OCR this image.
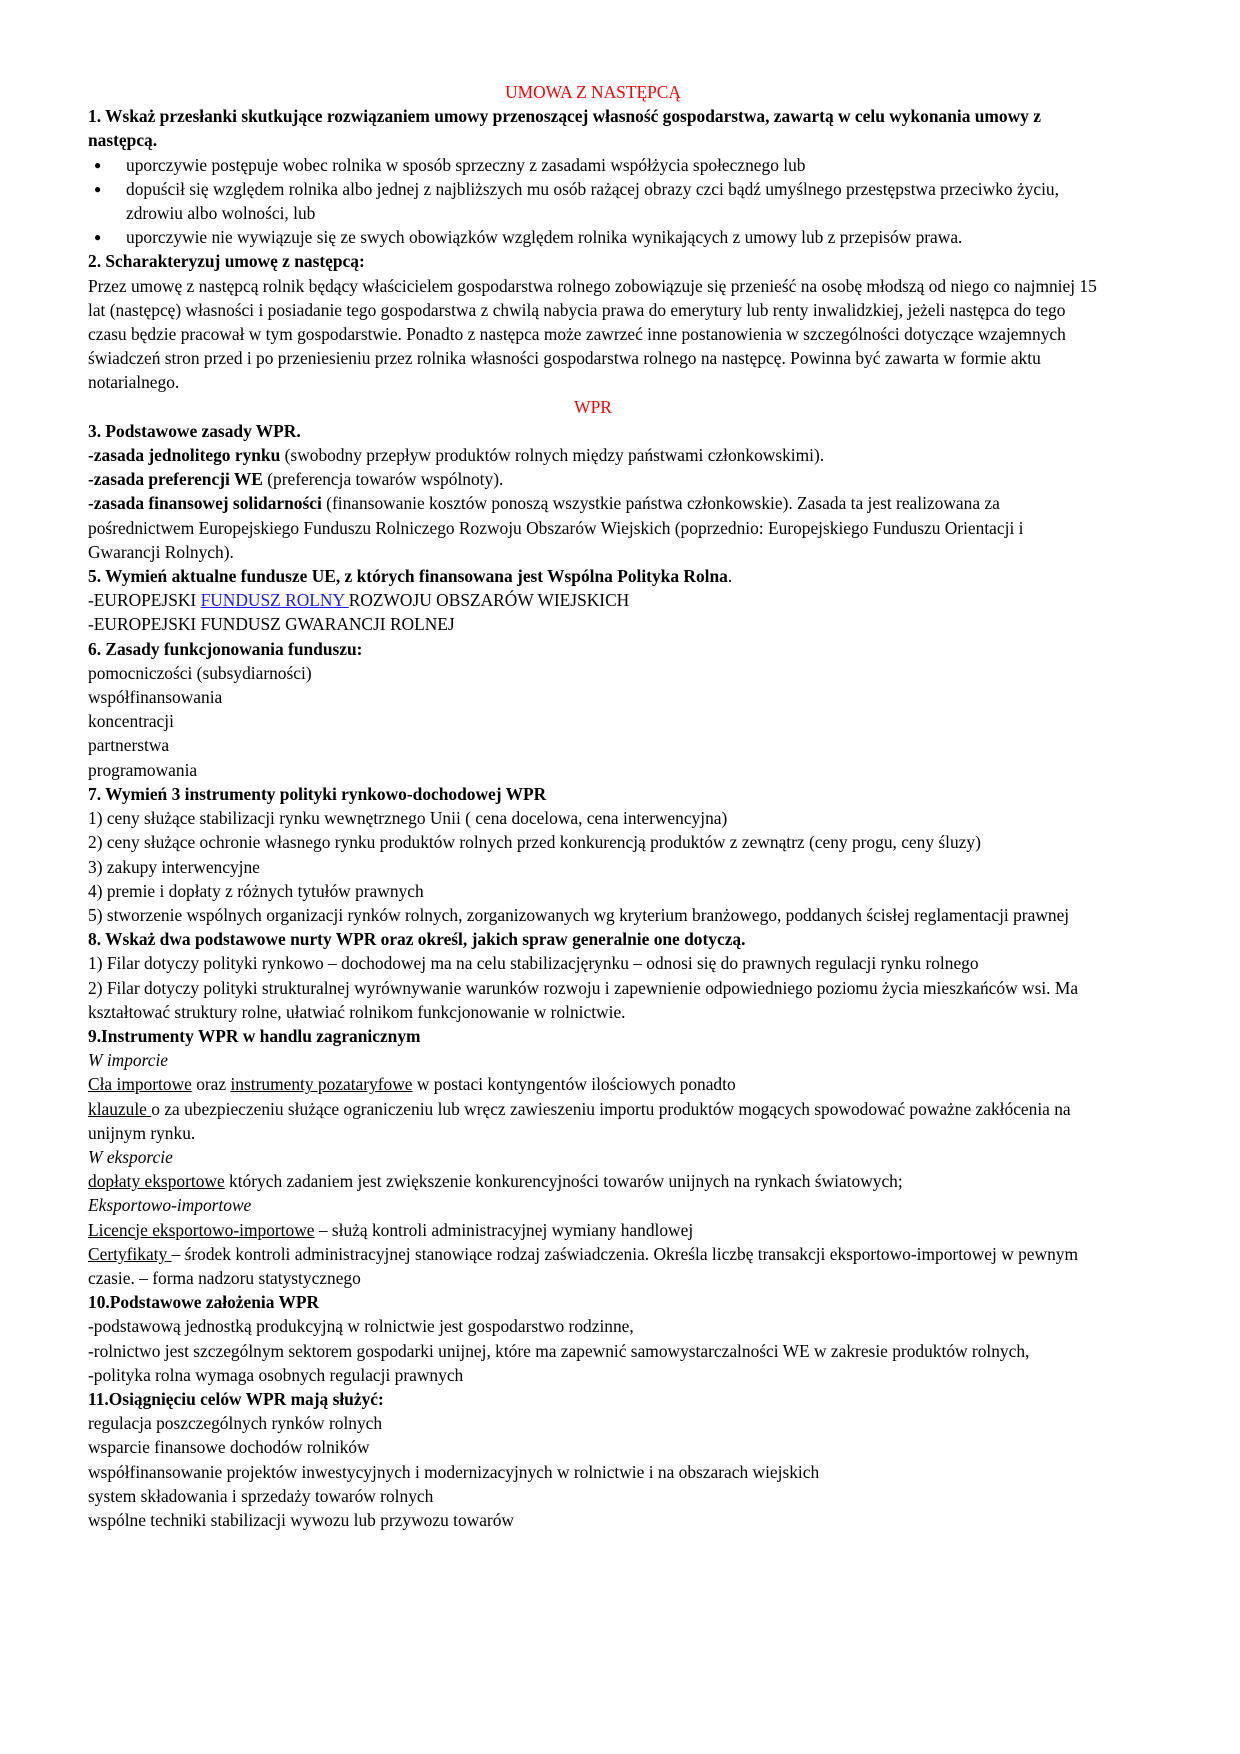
UMOWA Z NASTĘPCĄ

1. Wskaż przesłanki skutkujące rozwiązaniem umowy przenoszącej własność gospodarstwa, zawartą w celu wykonania umowy z następcą.

● uporczywie postępuje wobec rolnika w sposób sprzeczny z zasadami współżycia społecznego lub
● dopuścił się względem rolnika albo jednej z najbliższych mu osób rażącej obrazy czci bądź umyślnego przestępstwa przeciwko życiu, zdrowiu albo wolności, lub
● uporczywie nie wywiązuje się ze swych obowiązków względem rolnika wynikających z umowy lub z przepisów prawa.

2. Scharakteryzuj umowę z następcą:

Przez umowę z następcą rolnik będący właścicielem gospodarstwa rolnego zobowiązuje się przenieść na osobę młodszą od niego co najmniej 15 lat (następcę) własności i posiadanie tego gospodarstwa z chwilą nabycia prawa do emerytury lub renty inwalidzkiej, jeżeli następca do tego czasu będzie pracował w tym gospodarstwie. Ponadto z następca może zawrzeć inne postanowienia w szczególności dotyczące wzajemnych świadczeń stron przed i po przeniesieniu przez rolnika własności gospodarstwa rolnego na następcę. Powinna być zawarta w formie aktu notarialnego.

WPR

3. Podstawowe zasady WPR.

-zasada jednolitego rynku (swobodny przepływ produktów rolnych między państwami członkowskimi).

-zasada preferencji WE (preferencja towarów wspólnoty).

-zasada finansowej solidarności (finansowanie kosztów ponoszą wszystkie państwa członkowskie). Zasada ta jest realizowana za pośrednictwem Europejskiego Funduszu Rolniczego Rozwoju Obszarów Wiejskich (poprzednio: Europejskiego Funduszu Orientacji i Gwarancji Rolnych).

5. Wymień aktualne fundusze UE, z których finansowana jest Wspólna Polityka Rolna.

-EUROPEJSKI FUNDUSZ ROLNY ROZWOJU OBSZARÓW WIEJSKICH

-EUROPEJSKI FUNDUSZ GWARANCJI ROLNEJ

6. Zasady funkcjonowania funduszu:

pomocniczości (subsydiarności)

współfinansowania

koncentracji

partnerstwa

programowania

7. Wymień 3 instrumenty polityki rynkowo-dochodowej WPR

1) ceny służące stabilizacji rynku wewnętrznego Unii ( cena docelowa, cena interwencyjna)

2) ceny służące ochronie własnego rynku produktów rolnych przed konkurencją produktów z zewnątrz (ceny progu, ceny śluzy)

3) zakupy interwencyjne

4) premie i dopłaty z różnych tytułów prawnych

5) stworzenie wspólnych organizacji rynków rolnych, zorganizowanych wg kryterium branżowego, poddanych ścisłej reglamentacji prawnej

8. Wskaż dwa podstawowe nurty WPR oraz określ, jakich spraw generalnie one dotyczą.

1) Filar dotyczy polityki rynkowo – dochodowej ma na celu stabilizacjęrynku – odnosi się do prawnych regulacji rynku rolnego

2) Filar dotyczy polityki strukturalnej wyrównywanie warunków rozwoju i zapewnienie odpowiedniego poziomu życia mieszkańców wsi. Ma kształtować struktury rolne, ułatwiać rolnikom funkcjonowanie w rolnictwie.

9.Instrumenty WPR w handlu zagranicznym

W imporcie

Cła importowe oraz instrumenty pozataryfowe w postaci kontyngentów ilościowych ponadto

klauzule o za ubezpieczeniu służące ograniczeniu lub wręcz zawieszeniu importu produktów mogących spowodować poważne zakłócenia na unijnym rynku.

W eksporcie

dopłaty eksportowe których zadaniem jest zwiększenie konkurencyjności towarów unijnych na rynkach światowych;

Eksportowo-importowe

Licencje eksportowo-importowe – służą kontroli administracyjnej wymiany handlowej

Certyfikaty – środek kontroli administracyjnej stanowiące rodzaj zaświadczenia. Określa liczbę transakcji eksportowo-importowej w pewnym czasie. – forma nadzoru statystycznego

10.Podstawowe założenia WPR

-podstawową jednostką produkcyjną w rolnictwie jest gospodarstwo rodzinne,

-rolnictwo jest szczególnym sektorem gospodarki unijnej, które ma zapewnić samowystarczalności WE w zakresie produktów rolnych,

-polityka rolna wymaga osobnych regulacji prawnych

11.Osiągnięciu celów WPR mają służyć:

regulacja poszczególnych rynków rolnych

wsparcie finansowe dochodów rolników

współfinansowanie projektów inwestycyjnych i modernizacyjnych w rolnictwie i na obszarach wiejskich

system składowania i sprzedaży towarów rolnych

wspólne techniki stabilizacji wywozu lub przywozu towarów
